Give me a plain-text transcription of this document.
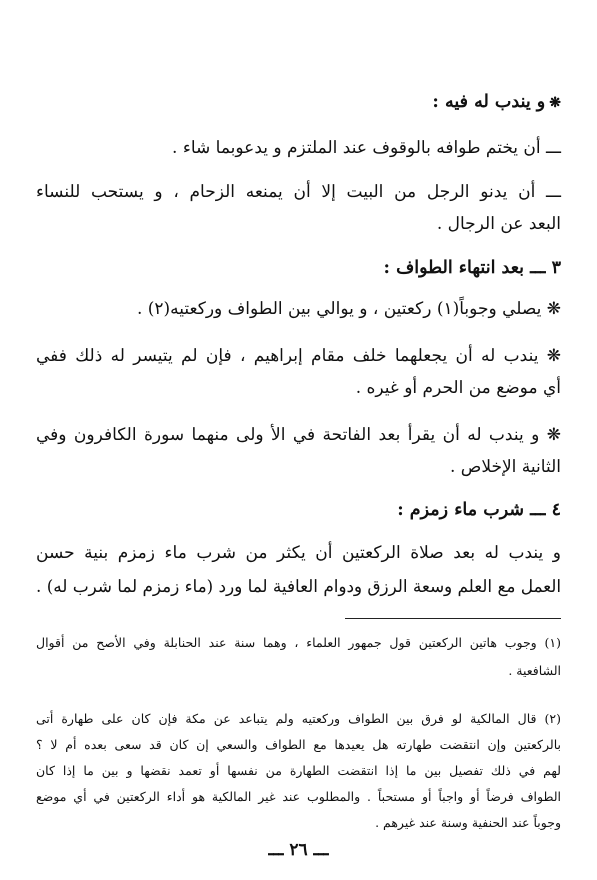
❋و يندب له فيه :
ـــ أن يختم طوافه بالوقوف عند الملتزم و يدعوبما شاء .
ـــ أن يدنو الرجل من البيت إلا أن يمنعه الزحام ، و يستحب للنساء
البعد عن الرجال .
٣ ـــ بعد انتهاء الطواف :
❋ يصلي وجوباً(١) ركعتين ، و يوالي بين الطواف وركعتيه(٢) .
❋ يندب له أن يجعلهما خلف مقام إبراهيم ، فإن لم يتيسر له ذلك ففي
أي موضع من الحرم أو غيره .
❋ و يندب له أن يقرأ بعد الفاتحة في الأ ولى منهما سورة الكافرون وفي
الثانية الإخلاص .
٤ ـــ شرب ماء زمزم :
و يندب له بعد صلاة الركعتين أن يكثر من شرب ماء زمزم بنية حسن
العمل مع العلم وسعة الرزق ودوام العافية لما ورد (ماء زمزم لما شرب له) .
(١) وجوب هاتين الركعتين قول جمهور العلماء ، وهما سنة عند الحنابلة وفي الأصح من أقوال
الشافعية .
(٢) قال المالكية لو فرق بين الطواف وركعتيه ولم يتباعد عن مكة فإن كان على طهارة أتى
بالركعتين وإن انتقضت طهارته هل يعيدها مع الطواف والسعي إن كان قد سعى بعده أم لا ؟
لهم في ذلك تفصيل بين ما إذا انتقضت الطهارة من نفسها أو تعمد نقضها و بين ما إذا كان
الطواف فرضاً أو واجباً أو مستحباً . والمطلوب عند غير المالكية هو أداء الركعتين في أي موضع
وجوباً عند الحنفية وسنة عند غيرهم .
ـــ ٢٦ ـــ
